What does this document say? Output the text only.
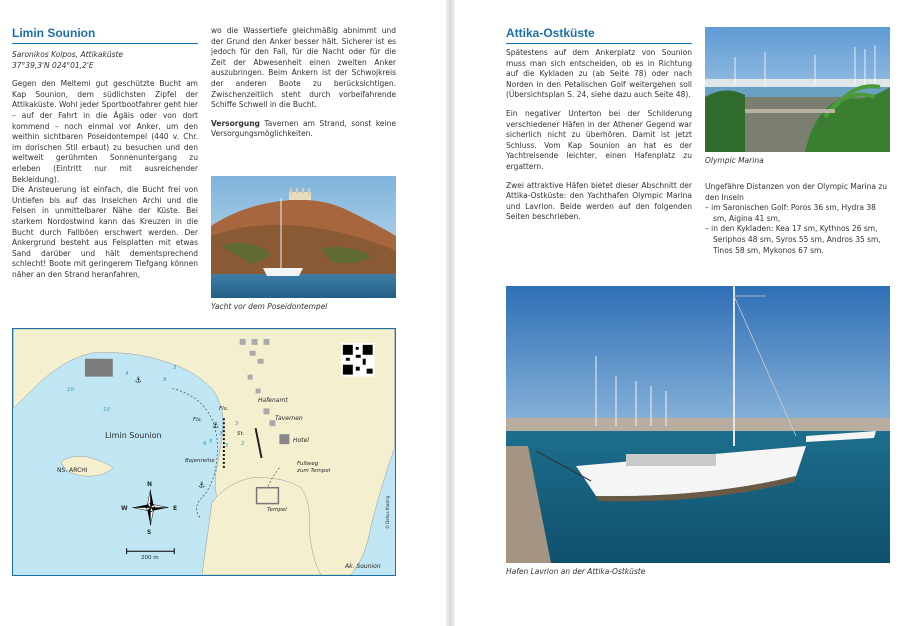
Limin Sounion

Saronikos Kolpos, Attikaküste
37°39,3'N 024°01,2'E

Gegen den Meltemi gut geschützte Bucht am Kap Sounion, dem südlichsten Zipfel der Attikaküste. Wohl jeder Sportbootfahrer geht hier – auf der Fahrt in die Ägäis oder von dort kommend – noch einmal vor Anker, um den weithin sichtbaren Poseidontempel (440 v. Chr. im dorischen Stil erbaut) zu besuchen und den weltweit gerühmten Sonnenuntergang zu erleben (Eintritt nur mit ausreichender Bekleidung).

Die Ansteuerung ist einfach, die Bucht frei von Untiefen bis auf das Inselchen Archi und die Felsen in unmittelbarer Nähe der Küste. Bei starkem Nordostwind kann das Kreuzen in die Bucht durch Fallböen erschwert werden. Der Ankergrund besteht aus Felsplatten mit etwas Sand darüber und hält dementsprechend schlecht! Boote mit geringerem Tiefgang können näher an den Strand heranfahren,

wo die Wassertiefe gleichmäßig abnimmt und der Grund den Anker besser hält. Sicherer ist es jedoch für den Fall, für die Nacht oder für die Zeit der Abwesenheit einen zweiten Anker auszubringen. Beim Ankern ist der Schwojkreis der anderen Boote zu berücksichtigen. Zwischenzeitlich steht durch vorbeifahrende Schiffe Schwell in die Bucht.

Versorgung Tavernen am Strand, sonst keine Versorgungsmöglichkeiten.

Yacht vor dem Poseidontempel
⚓
⚓
⚓
Limin Sounion
NS. ARCHI
Hafenamt
Tavernen
Hotel
Fls.
Fls.
St.
Bojenreihe	Fußweg
zum Tempel
Tempel
200 m
N
S
E
W
Ak. Sounion
© Delius Klasing
10
10
4
3
8
5
6
3
2
3
5
Attika-Ostküste

Spätestens auf dem Ankerplatz von Sounion muss man sich entscheiden, ob es in Richtung auf die Kykladen zu (ab Seite 78) oder nach Norden in den Petalischen Golf weitergehen soll (Übersichtsplan S. 24, siehe dazu auch Seite 48).

Ein negativer Unterton bei der Schilderung verschiedener Häfen in der Athener Gegend war sicherlich nicht zu überhören. Damit ist jetzt Schluss. Vom Kap Sounion an hat es der Yachtreisende leichter, einen Hafenplatz zu ergattern.

Zwei attraktive Häfen bietet dieser Abschnitt der Attika-Ostküste: den Yachthafen Olympic Marina und Lavrion. Beide werden auf den folgenden Seiten beschrieben.

Olympic Marina
Ungefähre Distanzen von der Olympic Marina zu den Inseln
– im Saronischen Golf: Poros 36 sm, Hydra 38 sm, Aigina 41 sm,
– in den Kykladen: Kea 17 sm, Kythnos 26 sm, Seriphos 48 sm, Syros 55 sm, Andros 35 sm, Tinos 58 sm, Mykonos 67 sm.
Hafen Lavrion an der Attika-Ostküste
